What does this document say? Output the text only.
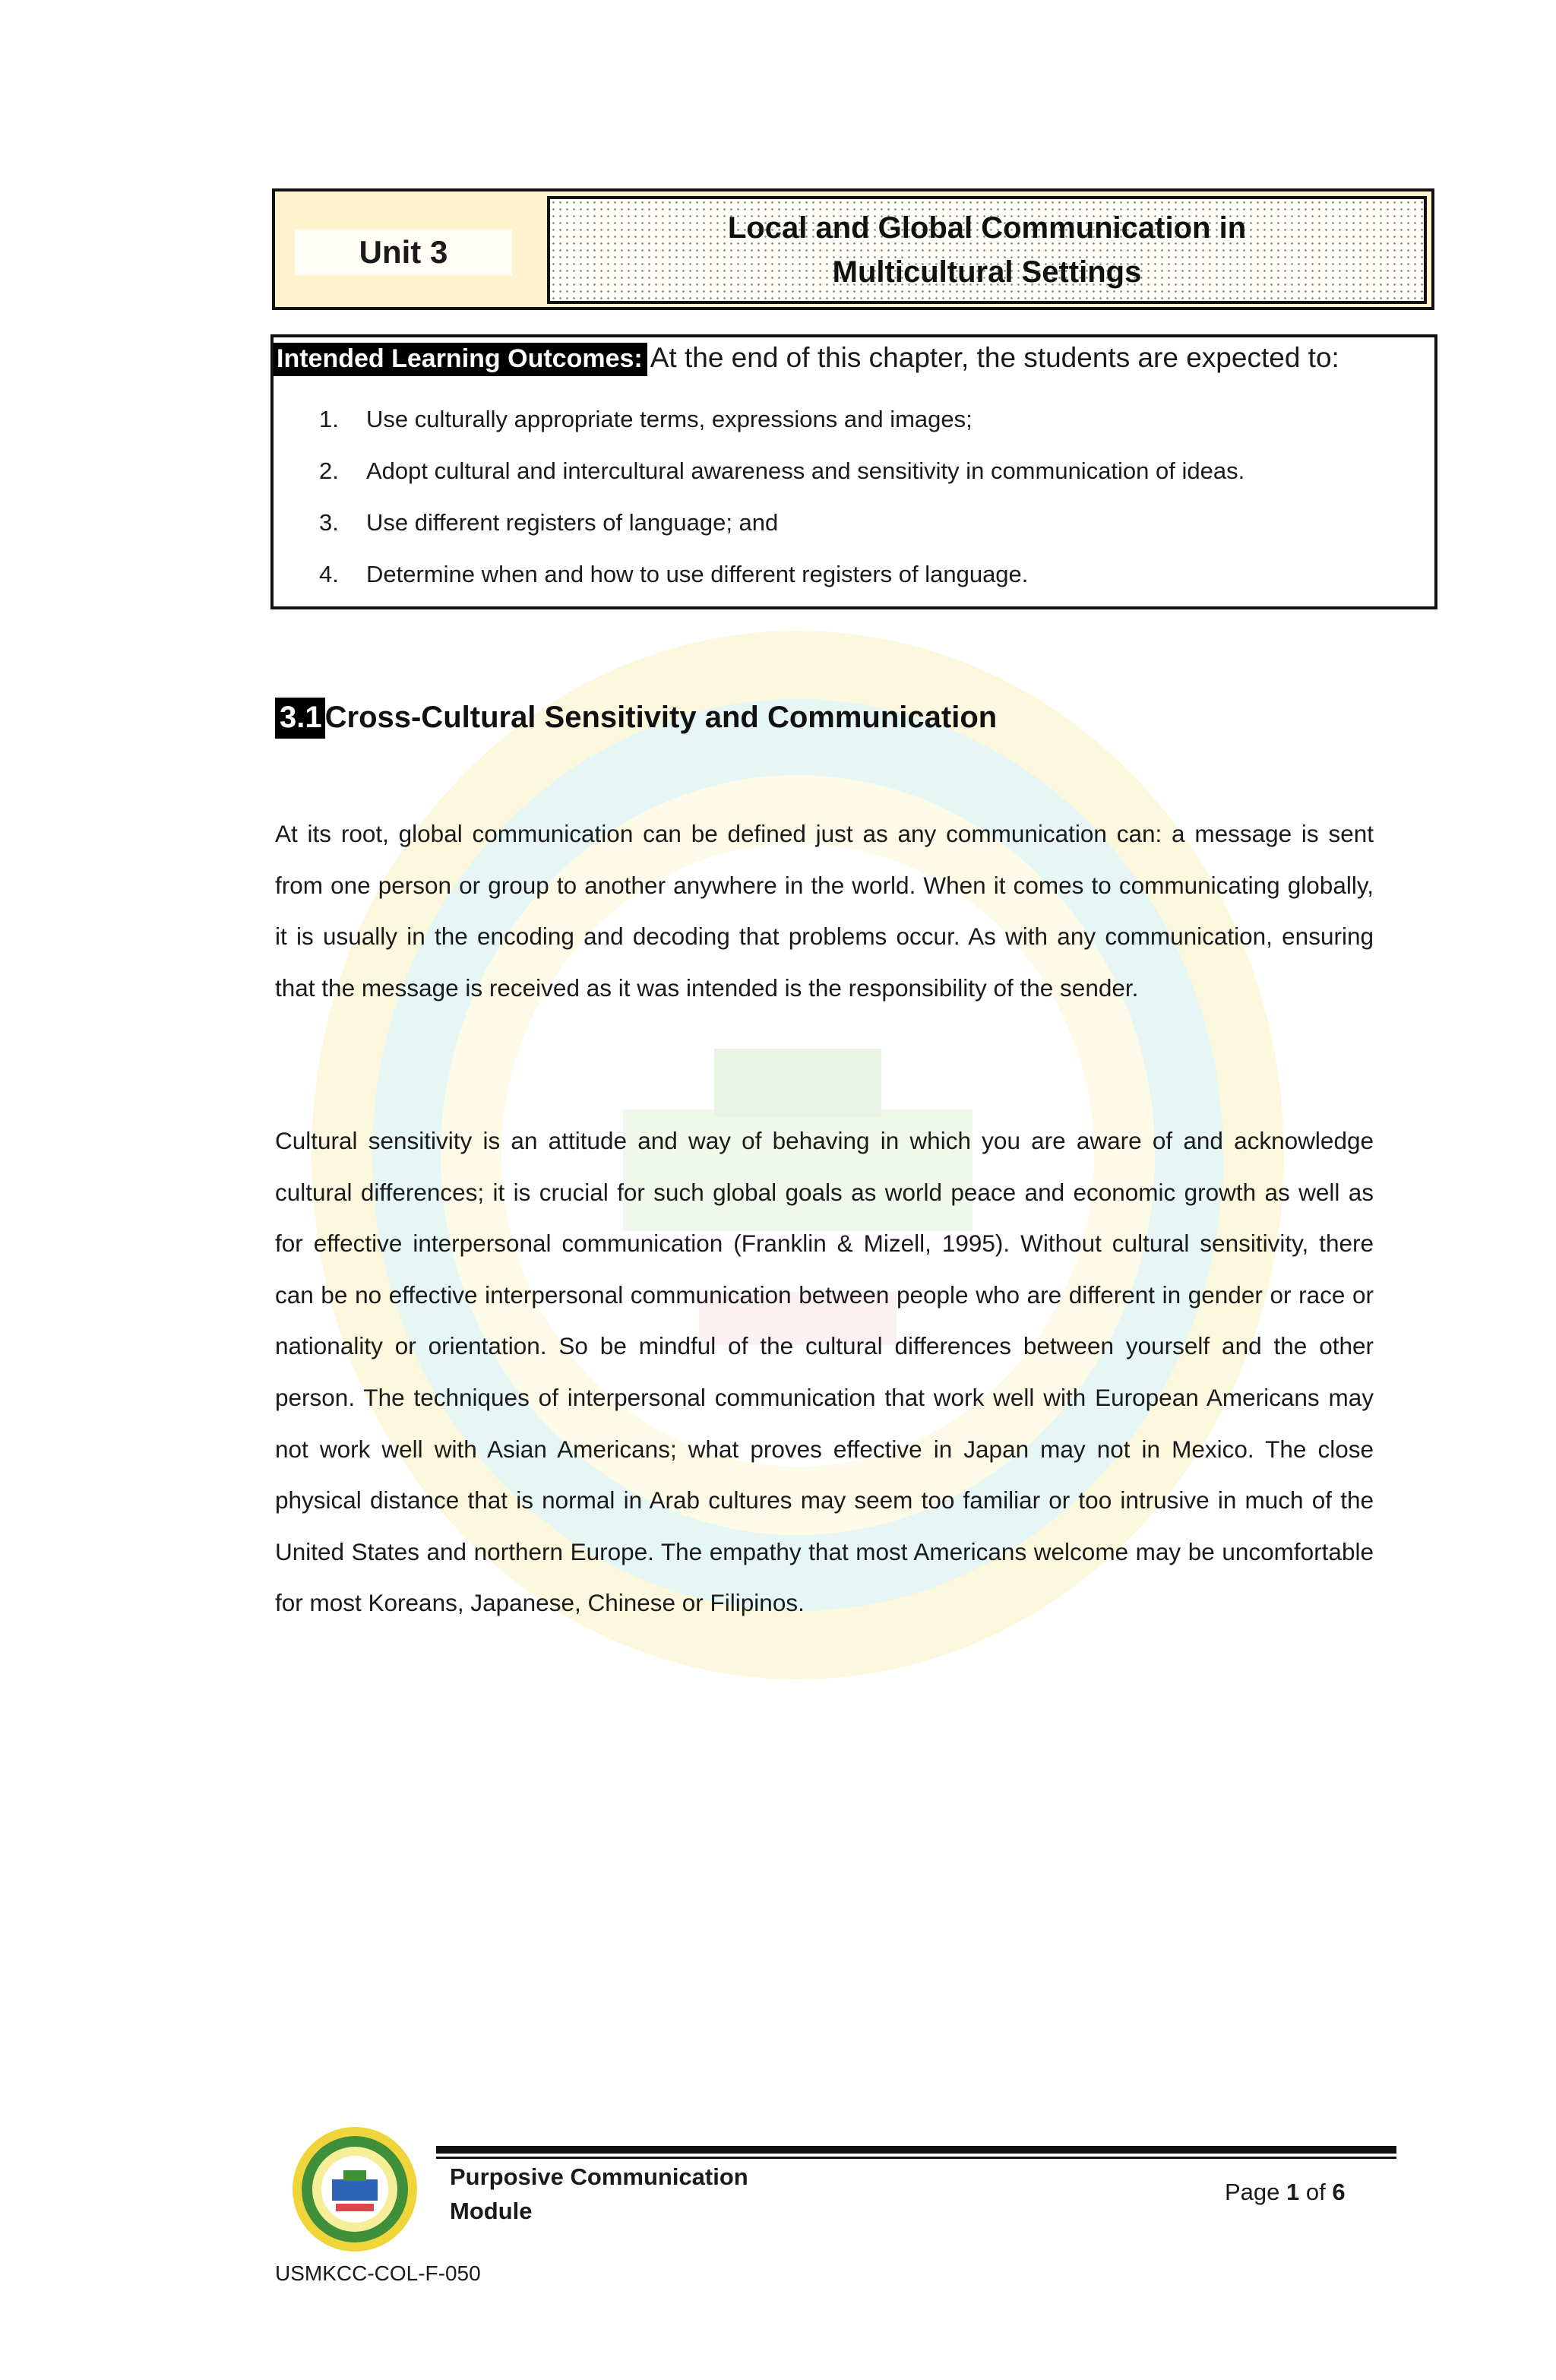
Unit 3
Local and Global Communication in
Multicultural Settings
Intended Learning Outcomes: At the end of this chapter, the students are expected to:
1. Use culturally appropriate terms, expressions and images;
2. Adopt cultural and intercultural awareness and sensitivity in communication of ideas.
3. Use different registers of language; and
4. Determine when and how to use different registers of language.
3.1 Cross-Cultural Sensitivity and Communication

At its root, global communication can be defined just as any communication can: a message is sent from one person or group to another anywhere in the world. When it comes to communicating globally, it is usually in the encoding and decoding that problems occur. As with any communication, ensuring that the message is received as it was intended is the responsibility of the sender.

Cultural sensitivity is an attitude and way of behaving in which you are aware of and acknowledge cultural differences; it is crucial for such global goals as world peace and economic growth as well as for effective interpersonal communication (Franklin & Mizell, 1995). Without cultural sensitivity, there can be no effective interpersonal communication between people who are different in gender or race or nationality or orientation. So be mindful of the cultural differences between yourself and the other person. The techniques of interpersonal communication that work well with European Americans may not work well with Asian Americans; what proves effective in Japan may not in Mexico. The close physical distance that is normal in Arab cultures may seem too familiar or too intrusive in much of the United States and northern Europe. The empathy that most Americans welcome may be uncomfortable for most Koreans, Japanese, Chinese or Filipinos.

Purposive Communication
Module
Page 1 of 6
USMKCC-COL-F-050
